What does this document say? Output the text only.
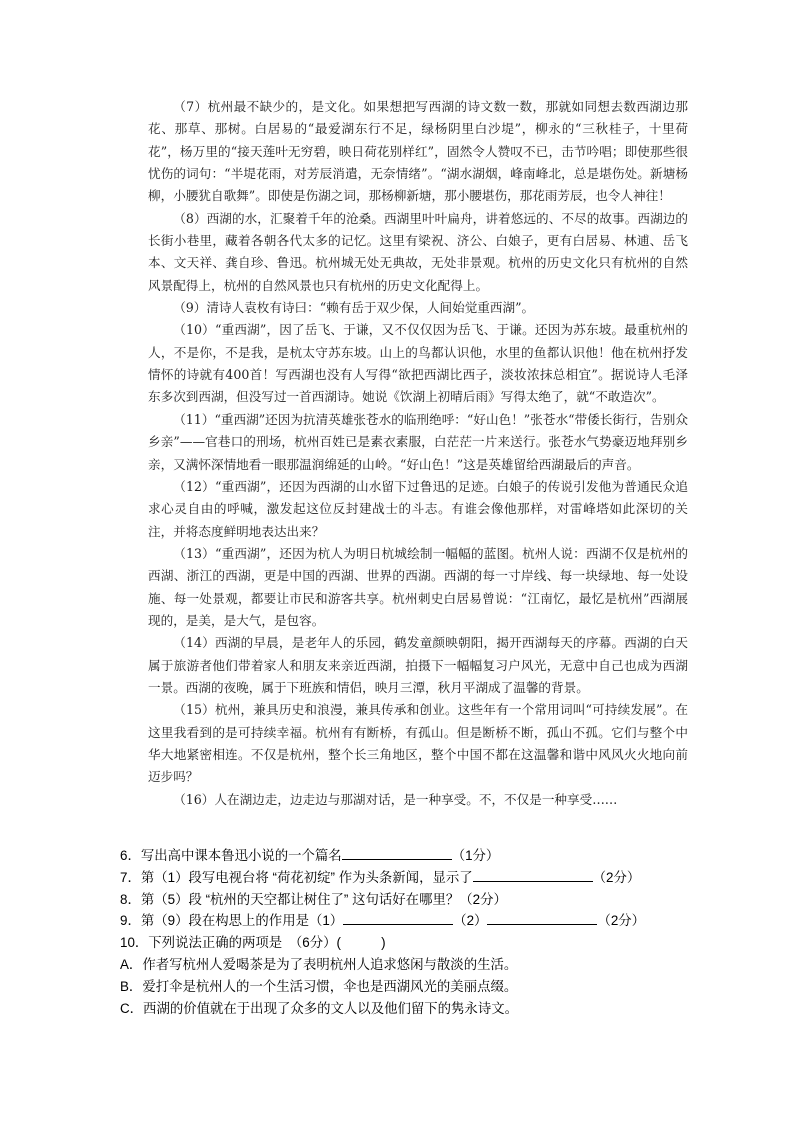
（7）杭州最不缺少的，是文化。如果想把写西湖的诗文数一数，那就如同想去数西湖边那花、那草、那树。白居易的“最爱湖东行不足，绿杨阴里白沙堤”，柳永的“三秋桂子，十里荷花”，杨万里的“接天莲叶无穷碧，映日荷花别样红”，固然令人赞叹不已，击节吟唱；即使那些很忧伤的词句：“半堤花雨，对芳辰消遣，无奈情绪”。“湖水湖烟，峰南峰北，总是堪伤处。新塘杨柳，小腰犹自歌舞”。即使是伤湖之词，那杨柳新塘，那小腰堪伤，那花雨芳辰，也令人神往！

（8）西湖的水，汇聚着千年的沧桑。西湖里叶叶扁舟，讲着悠远的、不尽的故事。西湖边的长街小巷里，藏着各朝各代太多的记忆。这里有梁祝、济公、白娘子，更有白居易、林逋、岳飞本、文天祥、龚自珍、鲁迅。杭州城无处无典故，无处非景观。杭州的历史文化只有杭州的自然风景配得上，杭州的自然风景也只有杭州的历史文化配得上。

（9）清诗人袁枚有诗曰：“赖有岳于双少保，人间始觉重西湖”。

（10）“重西湖”，因了岳飞、于谦，又不仅仅因为岳飞、于谦。还因为苏东坡。最重杭州的人，不是你，不是我，是杭太守苏东坡。山上的鸟都认识他，水里的鱼都认识他！他在杭州抒发情怀的诗就有400首！写西湖也没有人写得“欲把西湖比西子，淡妆浓抹总相宜”。据说诗人毛泽东多次到西湖，但没写过一首西湖诗。她说《饮湖上初晴后雨》写得太绝了，就“不敢造次”。

（11）“重西湖”还因为抗清英雄张苍水的临刑绝呼：“好山色！”张苍水“带倭长街行，告别众乡亲”——官巷口的刑场，杭州百姓已是素衣素服，白茫茫一片来送行。张苍水气势豪迈地拜别乡亲，又满怀深情地看一眼那温润绵延的山岭。“好山色！”这是英雄留给西湖最后的声音。

（12）“重西湖”，还因为西湖的山水留下过鲁迅的足迹。白娘子的传说引发他为普通民众追求心灵自由的呼喊，激发起这位反封建战士的斗志。有谁会像他那样，对雷峰塔如此深切的关注，并将态度鲜明地表达出来？

（13）“重西湖”，还因为杭人为明日杭城绘制一幅幅的蓝图。杭州人说：西湖不仅是杭州的西湖、浙江的西湖，更是中国的西湖、世界的西湖。西湖的每一寸岸线、每一块绿地、每一处设施、每一处景观，都要让市民和游客共享。杭州刺史白居易曾说：“江南忆，最忆是杭州”西湖展现的，是美，是大气，是包容。

（14）西湖的早晨，是老年人的乐园，鹤发童颜映朝阳，揭开西湖每天的序幕。西湖的白天属于旅游者他们带着家人和朋友来亲近西湖，拍摄下一幅幅复习户风光，无意中自己也成为西湖一景。西湖的夜晚，属于下班族和情侣，映月三潭，秋月平湖成了温馨的背景。

（15）杭州，兼具历史和浪漫，兼具传承和创业。这些年有一个常用词叫“可持续发展”。在这里我看到的是可持续幸福。杭州有有断桥，有孤山。但是断桥不断，孤山不孤。它们与整个中华大地紧密相连。不仅是杭州，整个长三角地区，整个中国不都在这温馨和谐中风风火火地向前迈步吗？

（16）人在湖边走，边走边与那湖对话，是一种享受。不，不仅是一种享受……

6．写出高中课本鲁迅小说的一个篇名	（1分）
7．第（1）段写电视台将 “荷花初绽” 作为头条新闻，显示了	（2分）
8．第（5）段 “杭州的天空都让树住了” 这句话好在哪里？（2分）
9．第（9）段在构思上的作用是（1）	（2）	（2分）
10．下列说法正确的两项是　（6分）(　　　)
A．作者写杭州人爱喝茶是为了表明杭州人追求悠闲与散淡的生活。
B．爱打伞是杭州人的一个生活习惯，伞也是西湖风光的美丽点缀。
C．西湖的价值就在于出现了众多的文人以及他们留下的隽永诗文。
